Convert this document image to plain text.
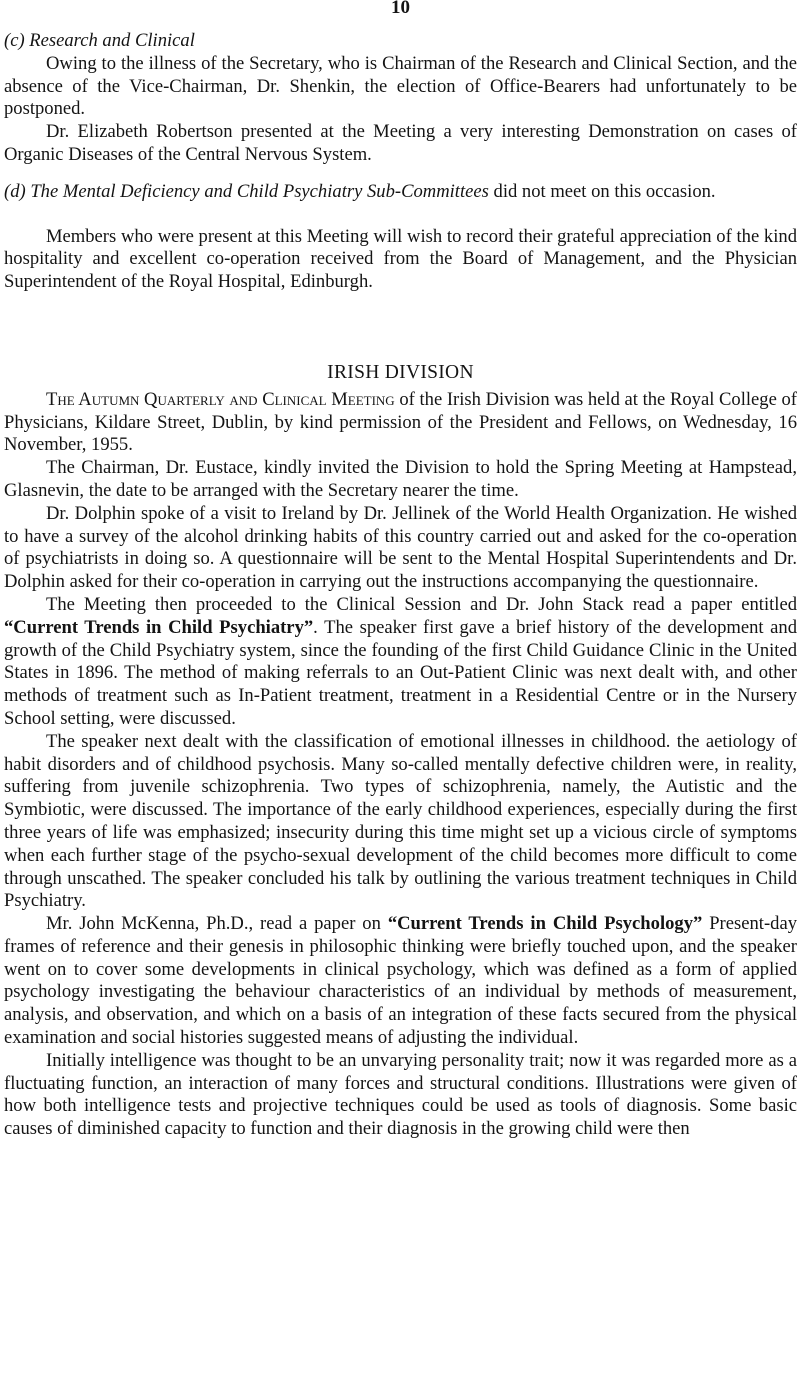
10

(c) Research and Clinical

Owing to the illness of the Secretary, who is Chairman of the Research and Clinical Section, and the absence of the Vice-Chairman, Dr. Shenkin, the election of Office-Bearers had unfortunately to be postponed.

Dr. Elizabeth Robertson presented at the Meeting a very interesting Demonstration on cases of Organic Diseases of the Central Nervous System.

(d) The Mental Deficiency and Child Psychiatry Sub-Committees did not meet on this occasion.

Members who were present at this Meeting will wish to record their grateful appreciation of the kind hospitality and excellent co-operation received from the Board of Management, and the Physician Superintendent of the Royal Hospital, Edinburgh.

IRISH DIVISION

The Autumn Quarterly and Clinical Meeting of the Irish Division was held at the Royal College of Physicians, Kildare Street, Dublin, by kind permission of the President and Fellows, on Wednesday, 16 November, 1955.

The Chairman, Dr. Eustace, kindly invited the Division to hold the Spring Meeting at Hampstead, Glasnevin, the date to be arranged with the Secretary nearer the time.

Dr. Dolphin spoke of a visit to Ireland by Dr. Jellinek of the World Health Organization. He wished to have a survey of the alcohol drinking habits of this country carried out and asked for the co-operation of psychiatrists in doing so. A questionnaire will be sent to the Mental Hospital Superintendents and Dr. Dolphin asked for their co-operation in carrying out the instructions accompanying the questionnaire.

The Meeting then proceeded to the Clinical Session and Dr. John Stack read a paper entitled “Current Trends in Child Psychiatry”. The speaker first gave a brief history of the development and growth of the Child Psychiatry system, since the founding of the first Child Guidance Clinic in the United States in 1896. The method of making referrals to an Out-Patient Clinic was next dealt with, and other methods of treatment such as In-Patient treatment, treatment in a Residential Centre or in the Nursery School setting, were discussed.

The speaker next dealt with the classification of emotional illnesses in childhood. the aetiology of habit disorders and of childhood psychosis. Many so-called mentally defective children were, in reality, suffering from juvenile schizophrenia. Two types of schizophrenia, namely, the Autistic and the Symbiotic, were discussed. The importance of the early childhood experiences, especially during the first three years of life was emphasized; insecurity during this time might set up a vicious circle of symptoms when each further stage of the psycho-sexual development of the child becomes more difficult to come through unscathed. The speaker concluded his talk by outlining the various treatment techniques in Child Psychiatry.

Mr. John McKenna, Ph.D., read a paper on “Current Trends in Child Psychology” Present-day frames of reference and their genesis in philosophic thinking were briefly touched upon, and the speaker went on to cover some developments in clinical psychology, which was defined as a form of applied psychology investigating the behaviour characteristics of an individual by methods of measurement, analysis, and observation, and which on a basis of an integration of these facts secured from the physical examination and social histories suggested means of adjusting the individual.

Initially intelligence was thought to be an unvarying personality trait; now it was regarded more as a fluctuating function, an interaction of many forces and structural conditions. Illustrations were given of how both intelligence tests and projective techniques could be used as tools of diagnosis. Some basic causes of diminished capacity to function and their diagnosis in the growing child were then
